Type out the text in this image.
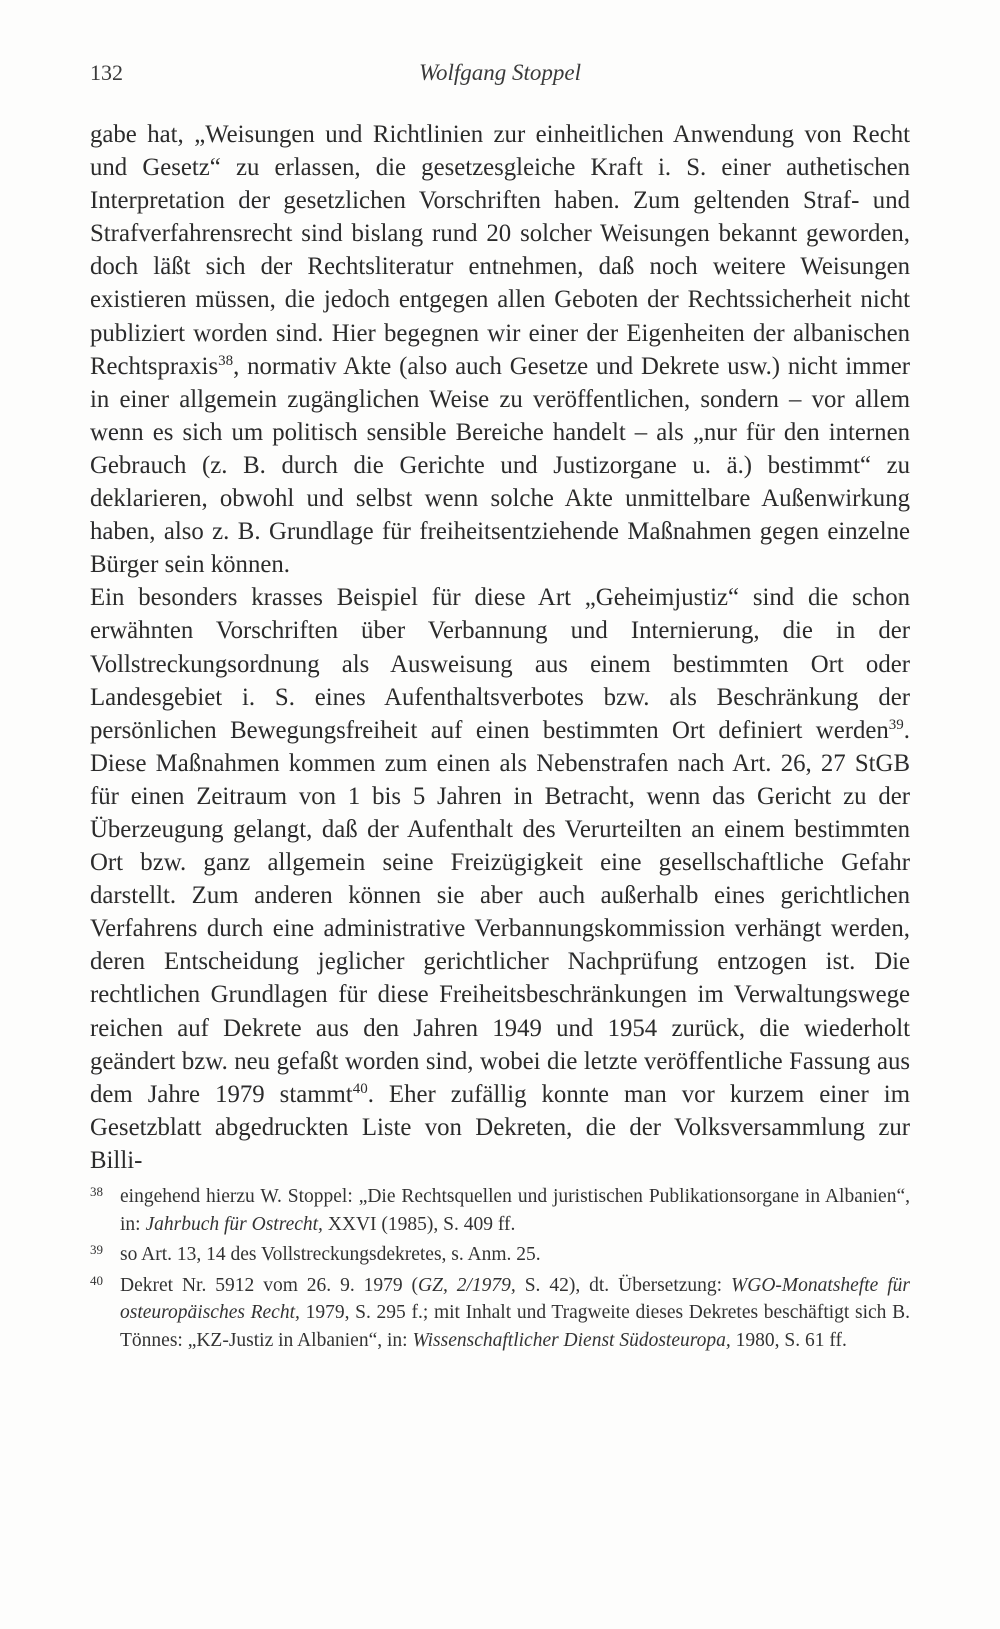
132	Wolfgang Stoppel

gabe hat, „Weisungen und Richtlinien zur einheitlichen Anwendung von Recht und Gesetz“ zu erlassen, die gesetzesgleiche Kraft i. S. einer authetischen Interpretation der gesetzlichen Vorschriften haben. Zum geltenden Straf- und Strafverfahrensrecht sind bislang rund 20 solcher Weisungen bekannt geworden, doch läßt sich der Rechtsliteratur entnehmen, daß noch weitere Weisungen existieren müssen, die jedoch entgegen allen Geboten der Rechtssicherheit nicht publiziert worden sind. Hier begegnen wir einer der Eigenheiten der albanischen Rechtspraxis$^{38}$, normativ Akte (also auch Gesetze und Dekrete usw.) nicht immer in einer allgemein zugänglichen Weise zu veröffentlichen, sondern – vor allem wenn es sich um politisch sensible Bereiche handelt – als „nur für den internen Gebrauch (z. B. durch die Gerichte und Justizorgane u. ä.) bestimmt“ zu deklarieren, obwohl und selbst wenn solche Akte unmittelbare Außenwirkung haben, also z. B. Grundlage für freiheitsentziehende Maßnahmen gegen einzelne Bürger sein können.

Ein besonders krasses Beispiel für diese Art „Geheimjustiz“ sind die schon erwähnten Vorschriften über Verbannung und Internierung, die in der Vollstreckungsordnung als Ausweisung aus einem bestimmten Ort oder Landesgebiet i. S. eines Aufenthaltsverbotes bzw. als Beschränkung der persönlichen Bewegungsfreiheit auf einen bestimmten Ort definiert werden$^{39}$. Diese Maßnahmen kommen zum einen als Nebenstrafen nach Art. 26, 27 StGB für einen Zeitraum von 1 bis 5 Jahren in Betracht, wenn das Gericht zu der Überzeugung gelangt, daß der Aufenthalt des Verurteilten an einem bestimmten Ort bzw. ganz allgemein seine Freizügigkeit eine gesellschaftliche Gefahr darstellt. Zum anderen können sie aber auch außerhalb eines gerichtlichen Verfahrens durch eine administrative Verbannungskommission verhängt werden, deren Entscheidung jeglicher gerichtlicher Nachprüfung entzogen ist. Die rechtlichen Grundlagen für diese Freiheitsbeschränkungen im Verwaltungswege reichen auf Dekrete aus den Jahren 1949 und 1954 zurück, die wiederholt geändert bzw. neu gefaßt worden sind, wobei die letzte veröffentliche Fassung aus dem Jahre 1979 stammt$^{40}$. Eher zufällig konnte man vor kurzem einer im Gesetzblatt abgedruckten Liste von Dekreten, die der Volksversammlung zur Billi-

38 eingehend hierzu W. Stoppel: „Die Rechtsquellen und juristischen Publikationsorgane in Albanien“, in: Jahrbuch für Ostrecht, XXVI (1985), S. 409 ff.
39 so Art. 13, 14 des Vollstreckungsdekretes, s. Anm. 25.
40 Dekret Nr. 5912 vom 26. 9. 1979 (GZ, 2/1979, S. 42), dt. Übersetzung: WGO-Monatshefte für osteuropäisches Recht, 1979, S. 295 f.; mit Inhalt und Tragweite dieses Dekretes beschäftigt sich B. Tönnes: „KZ-Justiz in Albanien“, in: Wissenschaftlicher Dienst Südosteuropa, 1980, S. 61 ff.
